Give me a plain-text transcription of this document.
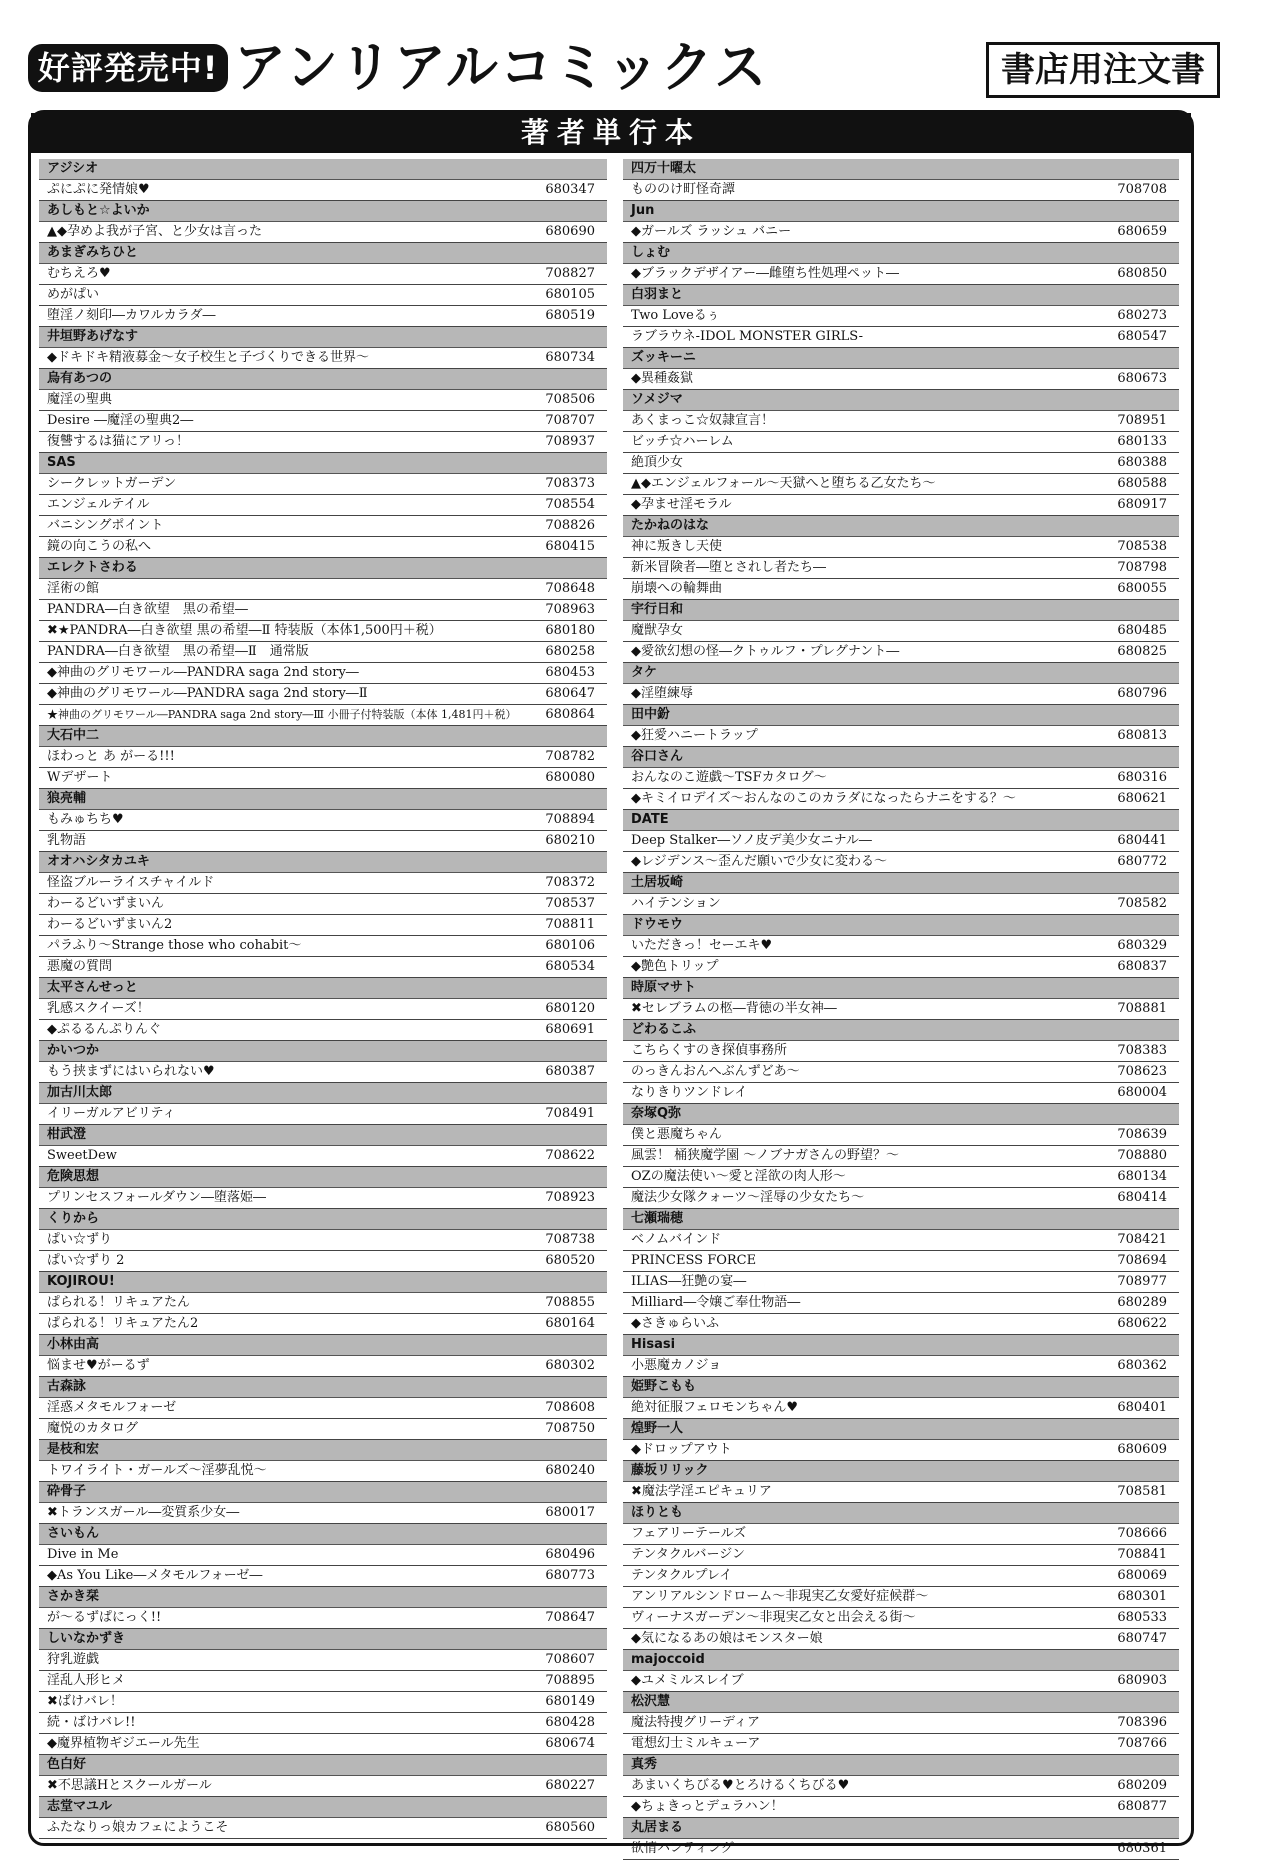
好評発売中! アンリアルコミックス	書店用注文書
著者単行本
アジシオ
ぷにぷに発情娘♥	680347
あしもと☆よいか
▲◆孕めよ我が子宮、と少女は言った	680690
あまぎみちひと
むちえろ♥	708827
めがぱい	680105
堕淫ノ刻印―カワルカラダ―	680519
井垣野あげなす
◆ドキドキ精液募金～女子校生と子づくりできる世界～	680734
烏有あつの
魔淫の聖典	708506
Desire ―魔淫の聖典2―	708707
復讐するは猫にアリっ！	708937
SAS
シークレットガーデン	708373
エンジェルテイル	708554
バニシングポイント	708826
鏡の向こうの私へ	680415
エレクトさわる
淫術の館	708648
PANDRA―白き欲望　黒の希望―	708963
✖★PANDRA―白き欲望 黒の希望―Ⅱ 特装版（本体1,500円＋税）	680180
PANDRA―白き欲望　黒の希望―Ⅱ　通常版	680258
◆神曲のグリモワール―PANDRA saga 2nd story―	680453
◆神曲のグリモワール―PANDRA saga 2nd story―Ⅱ	680647
★神曲のグリモワール―PANDRA saga 2nd story―Ⅲ 小冊子付特装版（本体 1,481円＋税） 680864
大石中二
ほわっと あ がーる!!!	708782
Wデザート	680080
狼亮輔
もみゅちち♥	708894
乳物語	680210
オオハシタカユキ
怪盗ブルーライスチャイルド	708372
わーるどいずまいん	708537
わーるどいずまいん2	708811
パラふり～Strange those who cohabit～	680106
悪魔の質問	680534
太平さんせっと
乳感スクイーズ！	680120
◆ぷるるんぷりんぐ	680691
かいつか
もう挟まずにはいられない♥	680387
加古川太郎
イリーガルアビリティ	708491
柑武澄
SweetDew	708622
危険思想
プリンセスフォールダウン―堕落姫―	708923
くりから
ぱい☆ずり	708738
ぱい☆ずり 2	680520
KOJIROU!
ぱられる！リキュアたん	708855
ぱられる！リキュアたん2	680164
小林由高
悩ませ♥がーるず	680302
古森詠
淫惑メタモルフォーゼ	708608
魔悦のカタログ	708750
是枝和宏
トワイライト・ガールズ～淫夢乱悦～	680240
砕骨子
✖トランスガール―変質系少女―	680017
さいもん
Dive in Me	680496
◆As You Like―メタモルフォーゼ―	680773
さかき栞
が～るずぱにっく!!	708647
しいなかずき
狩乳遊戯	708607
淫乱人形ヒメ	708895
✖ばけバレ！	680149
続・ばけバレ!!	680428
◆魔界植物ギジエール先生	680674
色白好
✖不思議Hとスクールガール	680227
志堂マユル
ふたなりっ娘カフェにようこそ	680560
四万十曜太
もののけ町怪奇譚	708708
Jun
◆ガールズ ラッシュ バニー	680659
しょむ
◆ブラックデザイアー―雌堕ち性処理ペット―	680850
白羽まと
Two Loveるぅ	680273
ラブラウネ-IDOL MONSTER GIRLS-	680547
ズッキーニ
◆異種姦獄	680673
ソメジマ
あくまっこ☆奴隷宣言！	708951
ビッチ☆ハーレム	680133
絶頂少女	680388
▲◆エンジェルフォール～天獄へと堕ちる乙女たち～	680588
◆孕ませ淫モラル	680917
たかねのはな
神に叛きし天使	708538
新米冒険者―堕とされし者たち―	708798
崩壊への輪舞曲	680055
宇行日和
魔獣孕女	680485
◆愛欲幻想の怪―クトゥルフ・プレグナント―	680825
タケ
◆淫堕練辱	680796
田中鈖
◆狂愛ハニートラップ	680813
谷口さん
おんなのこ遊戯～TSFカタログ～	680316
◆キミイロデイズ～おんなのこのカラダになったらナニをする？～	680621
DATE
Deep Stalker―ソノ皮デ美少女ニナル―	680441
◆レジデンス～歪んだ願いで少女に変わる～	680772
土居坂崎
ハイテンション	708582
ドウモウ
いただきっ！セーエキ♥	680329
◆艶色トリップ	680837
時原マサト
✖セレブラムの柩―背徳の半女神―	708881
どわるこふ
こちらくすのき探偵事務所	708383
のっきんおんへぶんずどあ～	708623
なりきりツンドレイ	680004
奈塚Q弥
僕と悪魔ちゃん	708639
風雲！ 桶狭魔学園 ～ノブナガさんの野望？～	708880
OZの魔法使い～愛と淫欲の肉人形～	680134
魔法少女隊クォーツ～淫辱の少女たち～	680414
七瀬瑞穂
ベノムバインド	708421
PRINCESS FORCE	708694
ILIAS―狂艶の宴―	708977
Milliard―令嬢ご奉仕物語―	680289
◆さきゅらいふ	680622
Hisasi
小悪魔カノジョ	680362
姫野こもも
絶対征服フェロモンちゃん♥	680401
煌野一人
◆ドロップアウト	680609
藤坂リリック
✖魔法学淫エピキュリア	708581
ほりとも
フェアリーテールズ	708666
テンタクルバージン	708841
テンタクルプレイ	680069
アンリアルシンドローム～非現実乙女愛好症候群～	680301
ヴィーナスガーデン～非現実乙女と出会える街～	680533
◆気になるあの娘はモンスター娘	680747
majoccoid
◆ユメミルスレイブ	680903
松沢慧
魔法特捜グリーディア	708396
電想幻士ミルキューア	708766
真秀
あまいくちびる♥とろけるくちびる♥	680209
◆ちょきっとデュラハン！	680877
丸居まる
欲情ハンティング	680361
